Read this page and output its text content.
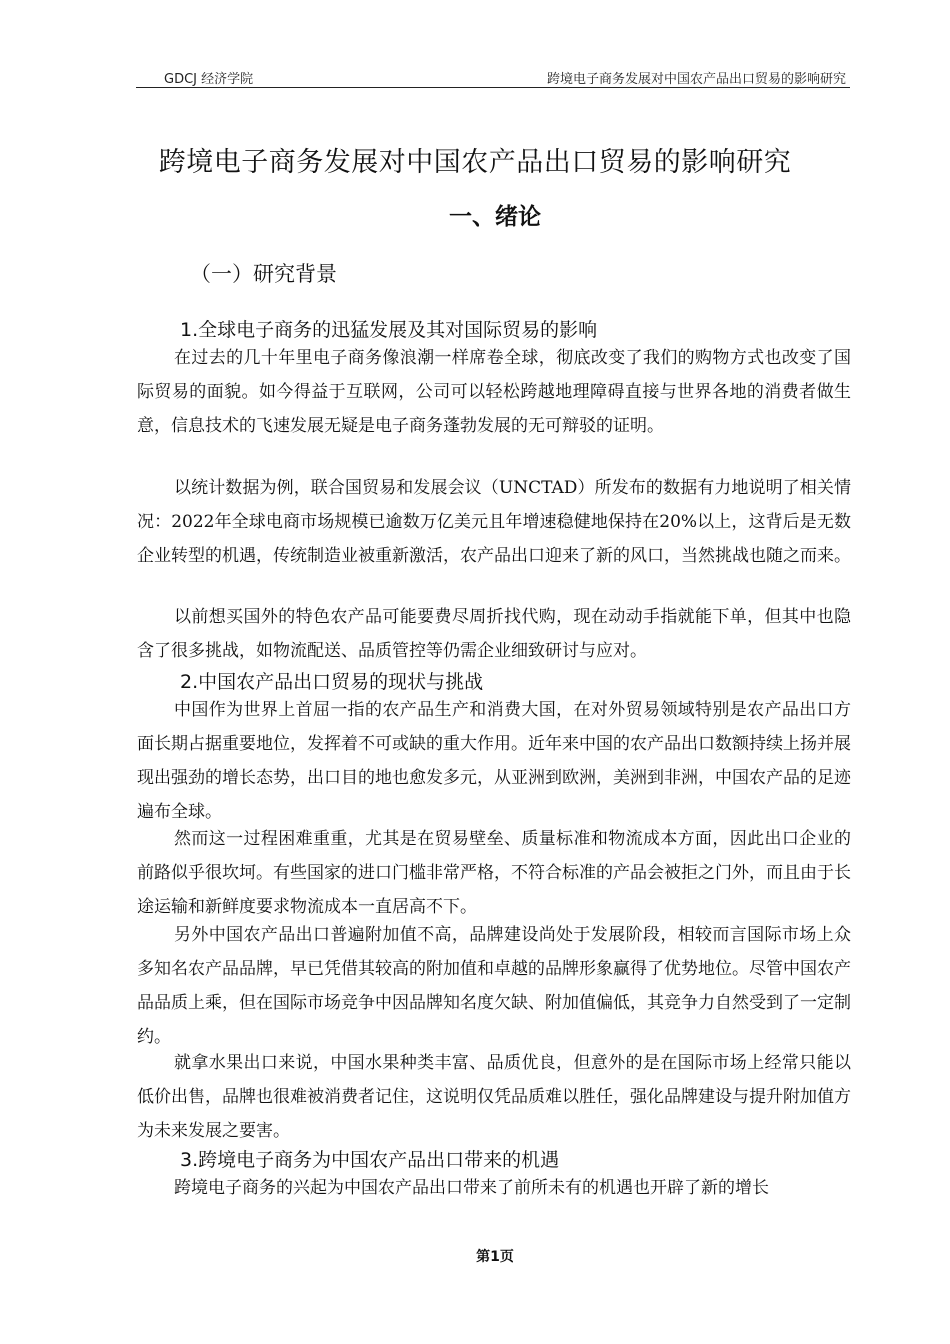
GDCJ 经济学院	跨境电子商务发展对中国农产品出口贸易的影响研究
跨境电子商务发展对中国农产品出口贸易的影响研究
一、绪论
（一）研究背景
1.全球电子商务的迅猛发展及其对国际贸易的影响

在过去的几十年里电子商务像浪潮一样席卷全球，彻底改变了我们的购物方式也改变了国际贸易的面貌。如今得益于互联网，公司可以轻松跨越地理障碍直接与世界各地的消费者做生意，信息技术的飞速发展无疑是电子商务蓬勃发展的无可辩驳的证明。

以统计数据为例，联合国贸易和发展会议（UNCTAD）所发布的数据有力地说明了相关情况：2022年全球电商市场规模已逾数万亿美元且年增速稳健地保持在20%以上，这背后是无数企业转型的机遇，传统制造业被重新激活，农产品出口迎来了新的风口，当然挑战也随之而来。

以前想买国外的特色农产品可能要费尽周折找代购，现在动动手指就能下单，但其中也隐含了很多挑战，如物流配送、品质管控等仍需企业细致研讨与应对。

2.中国农产品出口贸易的现状与挑战

中国作为世界上首屈一指的农产品生产和消费大国，在对外贸易领域特别是农产品出口方面长期占据重要地位，发挥着不可或缺的重大作用。近年来中国的农产品出口数额持续上扬并展现出强劲的增长态势，出口目的地也愈发多元，从亚洲到欧洲，美洲到非洲，中国农产品的足迹遍布全球。

然而这一过程困难重重，尤其是在贸易壁垒、质量标准和物流成本方面，因此出口企业的前路似乎很坎坷。有些国家的进口门槛非常严格，不符合标准的产品会被拒之门外，而且由于长途运输和新鲜度要求物流成本一直居高不下。

另外中国农产品出口普遍附加值不高，品牌建设尚处于发展阶段，相较而言国际市场上众多知名农产品品牌，早已凭借其较高的附加值和卓越的品牌形象赢得了优势地位。尽管中国农产品品质上乘，但在国际市场竞争中因品牌知名度欠缺、附加值偏低，其竞争力自然受到了一定制约。

就拿水果出口来说，中国水果种类丰富、品质优良，但意外的是在国际市场上经常只能以低价出售，品牌也很难被消费者记住，这说明仅凭品质难以胜任，强化品牌建设与提升附加值方为未来发展之要害。

3.跨境电子商务为中国农产品出口带来的机遇

跨境电子商务的兴起为中国农产品出口带来了前所未有的机遇也开辟了新的增长

第1页
